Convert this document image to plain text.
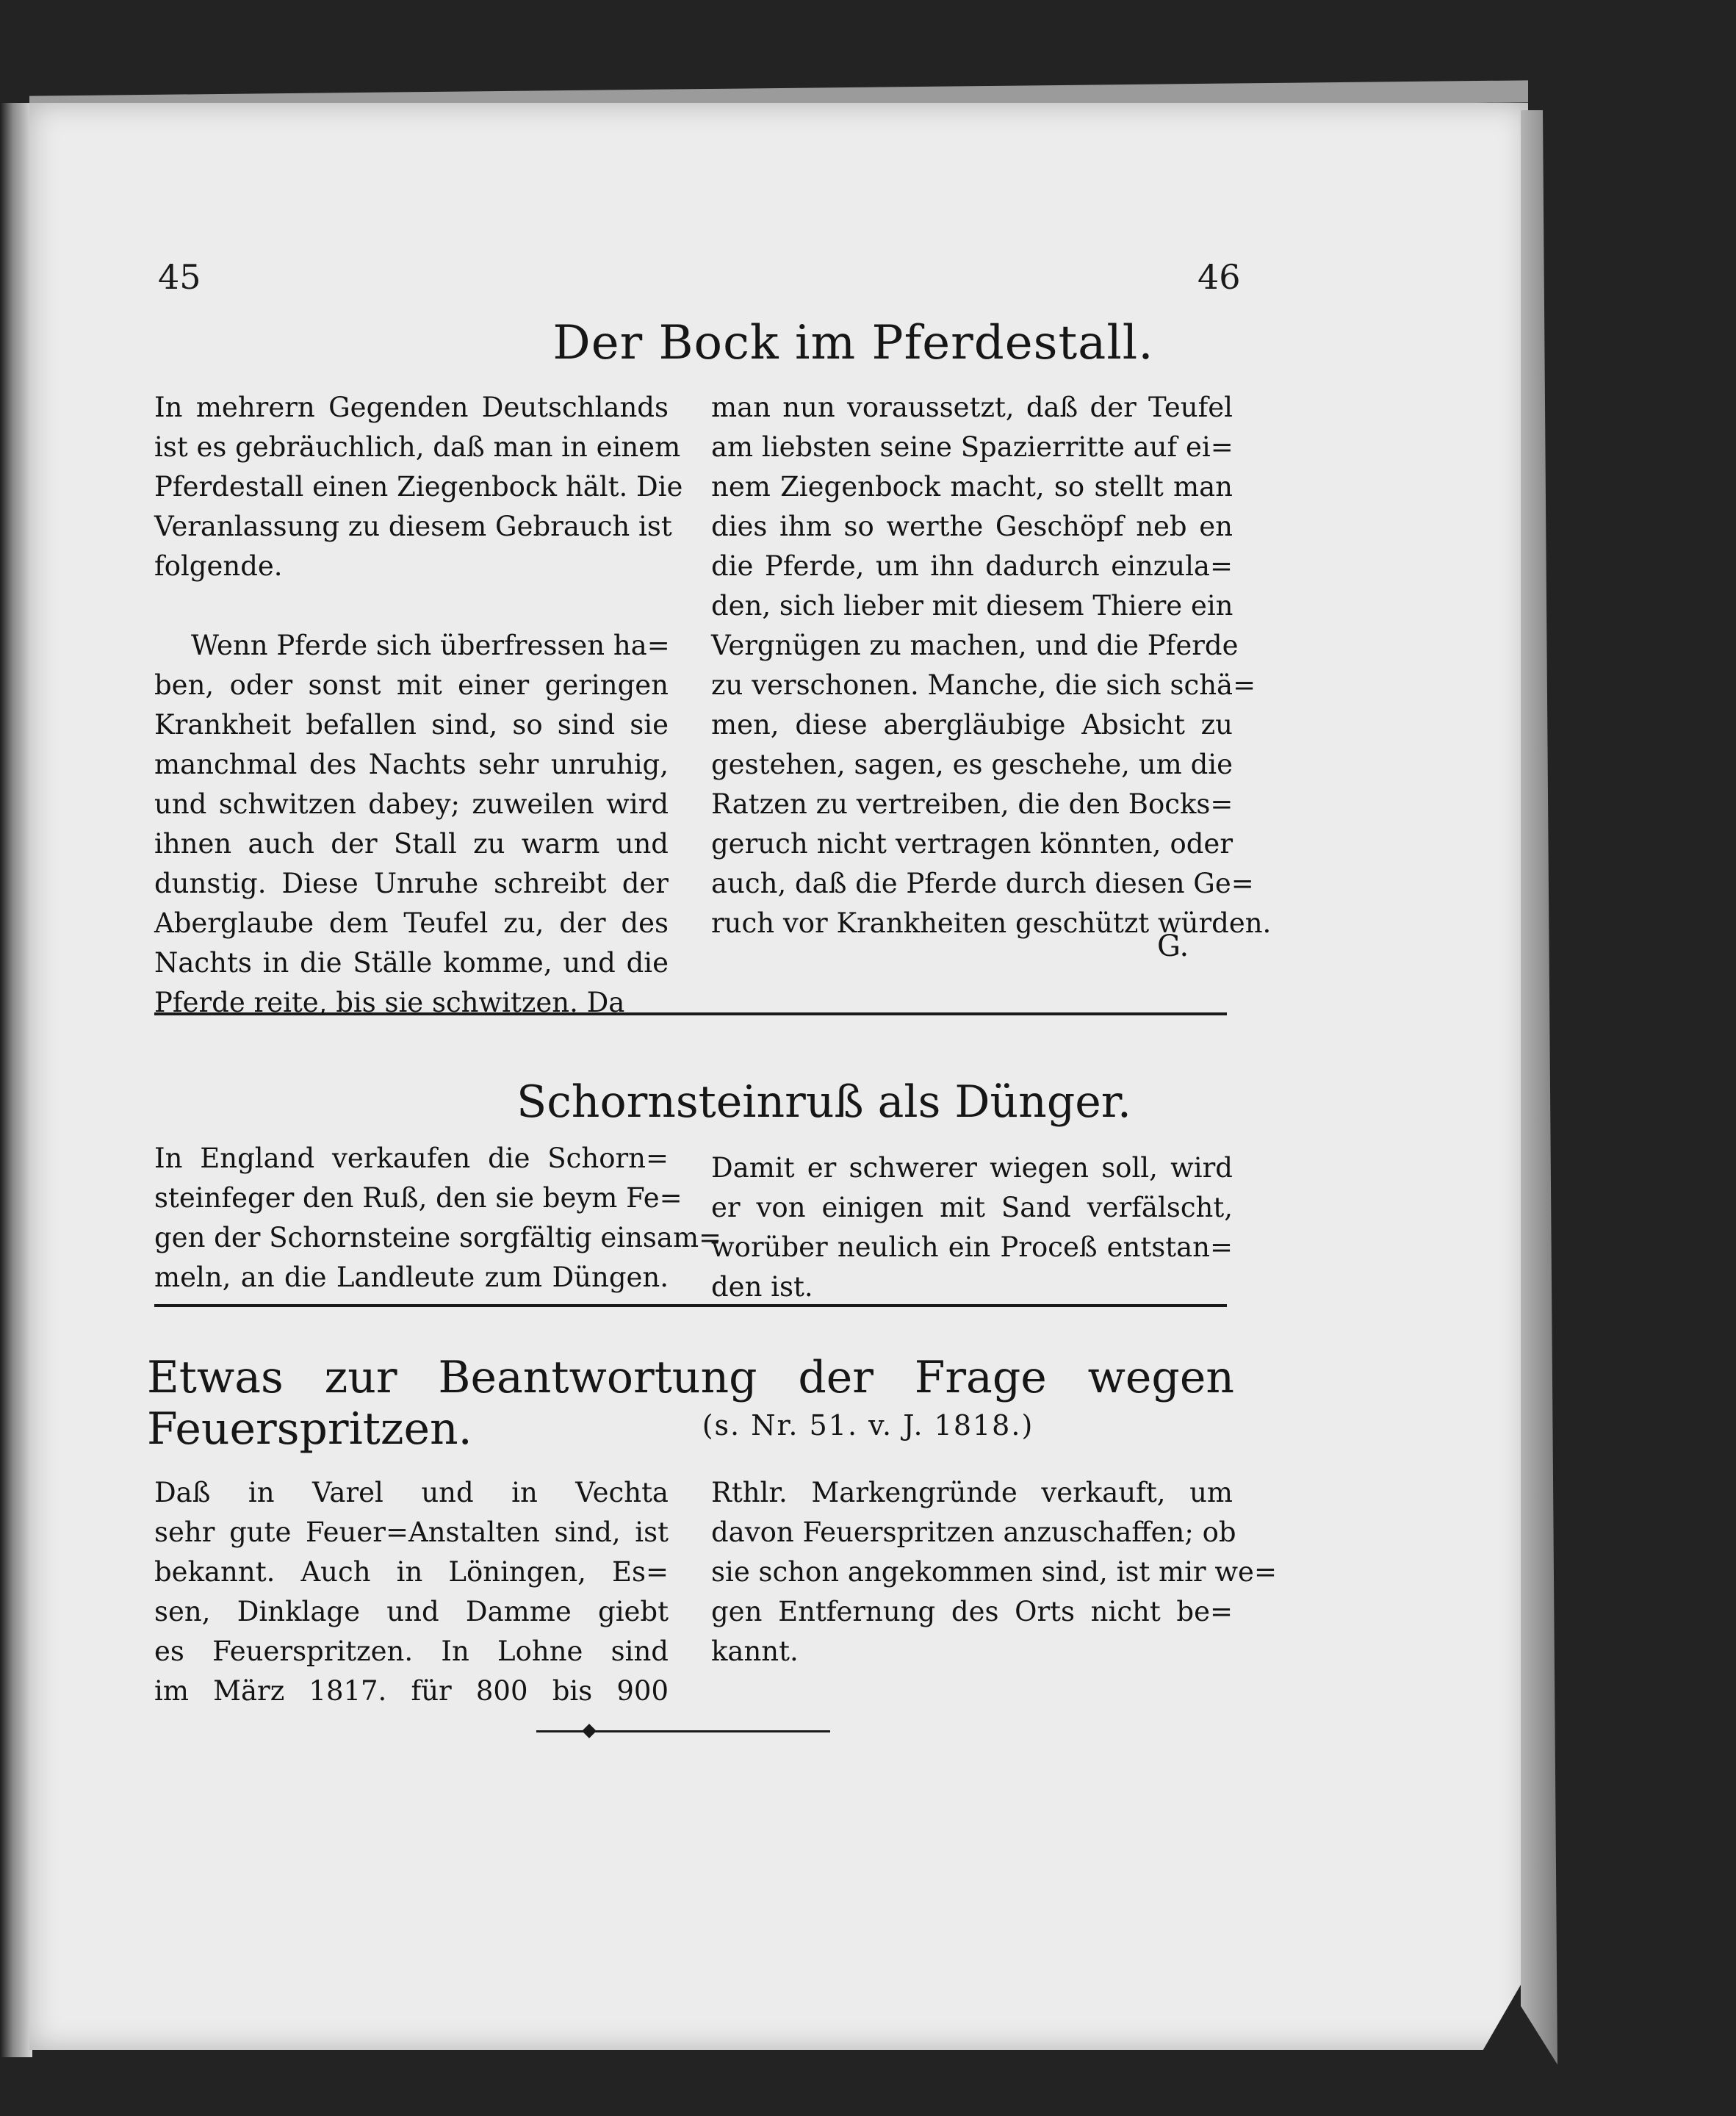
45	46
Der Bock im Pferdestall.
In mehrern Gegenden Deutschlands
ist es gebräuchlich, daß man in einem
Pferdestall einen Ziegenbock hält. Die
Veranlassung zu diesem Gebrauch ist
folgende.
Wenn Pferde sich überfressen ha=
ben, oder sonst mit einer geringen
Krankheit befallen sind, so sind sie
manchmal des Nachts sehr unruhig,
und schwitzen dabey; zuweilen wird
ihnen auch der Stall zu warm und
dunstig. Diese Unruhe schreibt der
Aberglaube dem Teufel zu, der des
Nachts in die Ställe komme, und die
Pferde reite, bis sie schwitzen. Da
man nun voraussetzt, daß der Teufel
am liebsten seine Spazierritte auf ei=
nem Ziegenbock macht, so stellt man
dies ihm so werthe Geschöpf neb en
die Pferde, um ihn dadurch einzula=
den, sich lieber mit diesem Thiere ein
Vergnügen zu machen, und die Pferde
zu verschonen. Manche, die sich schä=
men, diese abergläubige Absicht zu
gestehen, sagen, es geschehe, um die
Ratzen zu vertreiben, die den Bocks=
geruch nicht vertragen könnten, oder
auch, daß die Pferde durch diesen Ge=
ruch vor Krankheiten geschützt würden.
G.
Schornsteinruß als Dünger.
In England verkaufen die Schorn=
steinfeger den Ruß, den sie beym Fe=
gen der Schornsteine sorgfältig einsam=
meln, an die Landleute zum Düngen.
Damit er schwerer wiegen soll, wird
er von einigen mit Sand verfälscht,
worüber neulich ein Proceß entstan=
den ist.
Etwas zur Beantwortung der Frage wegen Feuerspritzen.	(s. Nr. 51. v. J. 1818.)
Daß in Varel und in Vechta
sehr gute Feuer=Anstalten sind, ist
bekannt. Auch in Löningen, Es=
sen, Dinklage und Damme giebt
es Feuerspritzen. In Lohne sind
im März 1817. für 800 bis 900
Rthlr. Markengründe verkauft, um
davon Feuerspritzen anzuschaffen; ob
sie schon angekommen sind, ist mir we=
gen Entfernung des Orts nicht be=
kannt.
